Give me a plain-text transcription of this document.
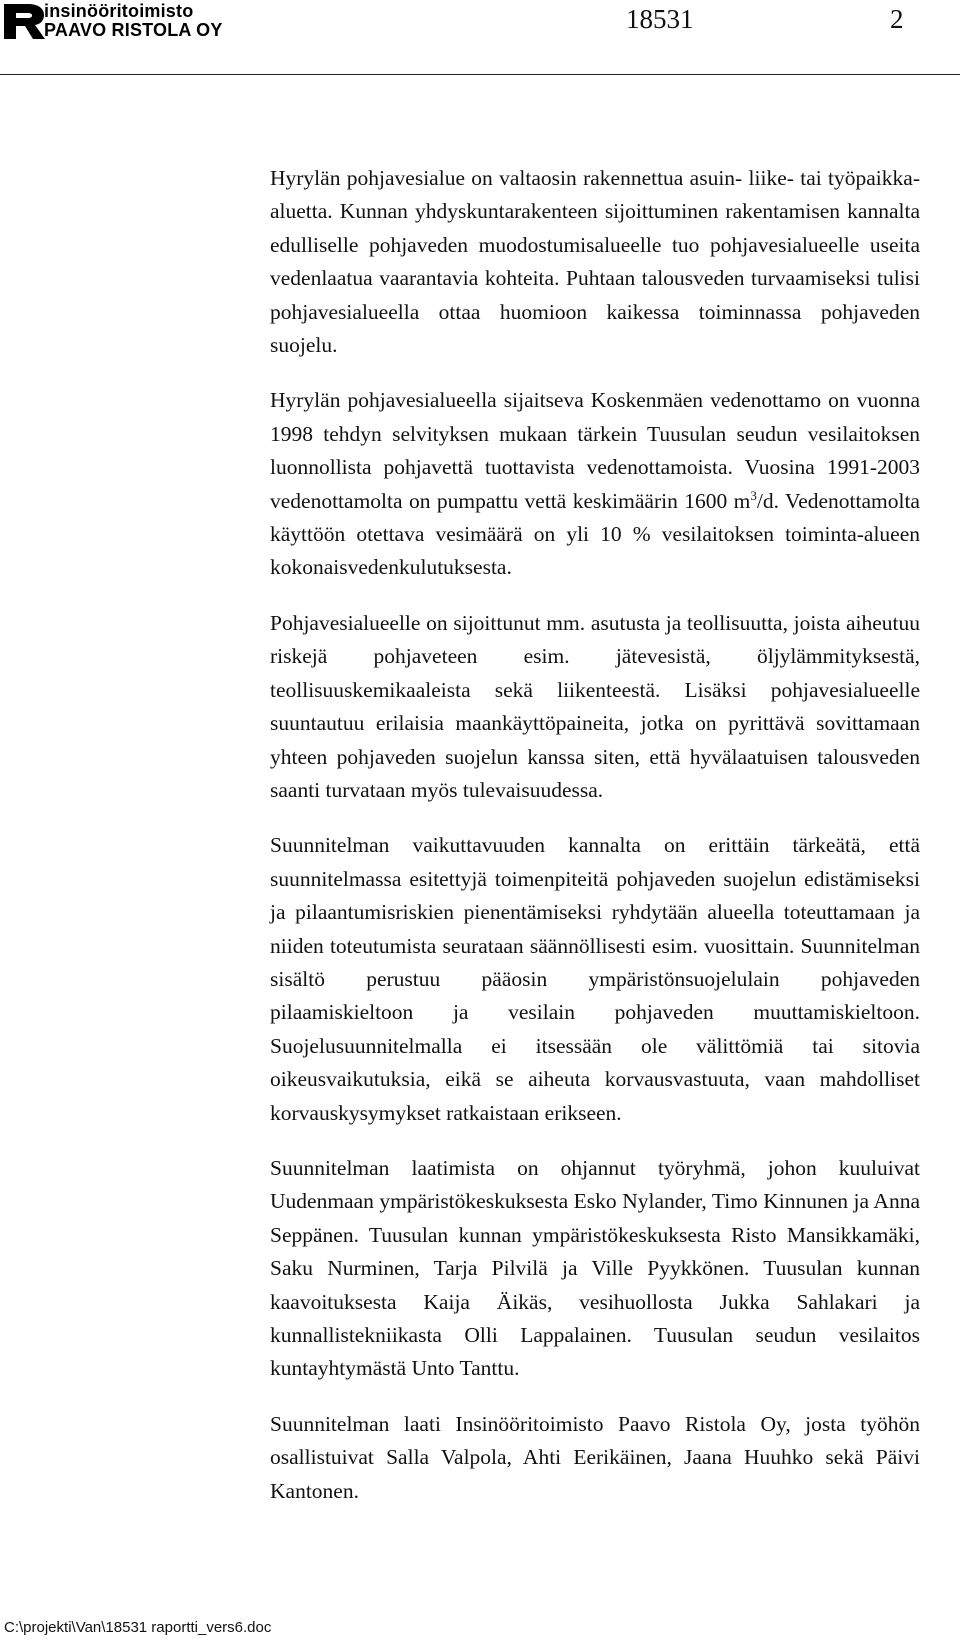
insinööritoimisto
PAAVO RISTOLA OY	18531	2

Hyrylän pohjavesialue on valtaosin rakennettua asuin- liike- tai työpaikka-aluetta. Kunnan yhdyskuntarakenteen sijoittuminen rakentamisen kannalta edulliselle pohjaveden muodostumisalueelle tuo pohjavesialueelle useita vedenlaatua vaarantavia kohteita. Puhtaan talousveden turvaamiseksi tulisi pohjavesialueella ottaa huomioon kaikessa toiminnassa pohjaveden suojelu.

Hyrylän pohjavesialueella sijaitseva Koskenmäen vedenottamo on vuonna 1998 tehdyn selvityksen mukaan tärkein Tuusulan seudun vesilaitoksen luonnollista pohjavettä tuottavista vedenottamoista. Vuosina 1991-2003 vedenottamolta on pumpattu vettä keskimäärin 1600 $m^3/d$. Vedenottamolta käyttöön otettava vesimäärä on yli 10 % vesilaitoksen toiminta-alueen kokonaisvedenkulutuksesta.

Pohjavesialueelle on sijoittunut mm. asutusta ja teollisuutta, joista aiheutuu riskejä pohjaveteen esim. jätevesistä, öljylämmityksestä, teollisuuskemikaaleista sekä liikenteestä. Lisäksi pohjavesialueelle suuntautuu erilaisia maankäyttöpaineita, jotka on pyrittävä sovittamaan yhteen pohjaveden suojelun kanssa siten, että hyvälaatuisen talousveden saanti turvataan myös tulevaisuudessa.

Suunnitelman vaikuttavuuden kannalta on erittäin tärkeätä, että suunnitelmassa esitettyjä toimenpiteitä pohjaveden suojelun edistämiseksi ja pilaantumisriskien pienentämiseksi ryhdytään alueella toteuttamaan ja niiden toteutumista seurataan säännöllisesti esim. vuosittain. Suunnitelman sisältö perustuu pääosin ympäristönsuojelulain pohjaveden pilaamiskieltoon ja vesilain pohjaveden muuttamiskieltoon. Suojelusuunnitelmalla ei itsessään ole välittömiä tai sitovia oikeusvaikutuksia, eikä se aiheuta korvausvastuuta, vaan mahdolliset korvauskysymykset ratkaistaan erikseen.

Suunnitelman laatimista on ohjannut työryhmä, johon kuuluivat Uudenmaan ympäristökeskuksesta Esko Nylander, Timo Kinnunen ja Anna Seppänen. Tuusulan kunnan ympäristökeskuksesta Risto Mansikkamäki, Saku Nurminen, Tarja Pilvilä ja Ville Pyykkönen. Tuusulan kunnan kaavoituksesta Kaija Äikäs, vesihuollosta Jukka Sahlakari ja kunnallistekniikasta Olli Lappalainen. Tuusulan seudun vesilaitos kuntayhtymästä Unto Tanttu.

Suunnitelman laati Insinööritoimisto Paavo Ristola Oy, josta työhön osallistuivat Salla Valpola, Ahti Eerikäinen, Jaana Huuhko sekä Päivi Kantonen.

C:\projekti\Van\18531 raportti_vers6.doc
